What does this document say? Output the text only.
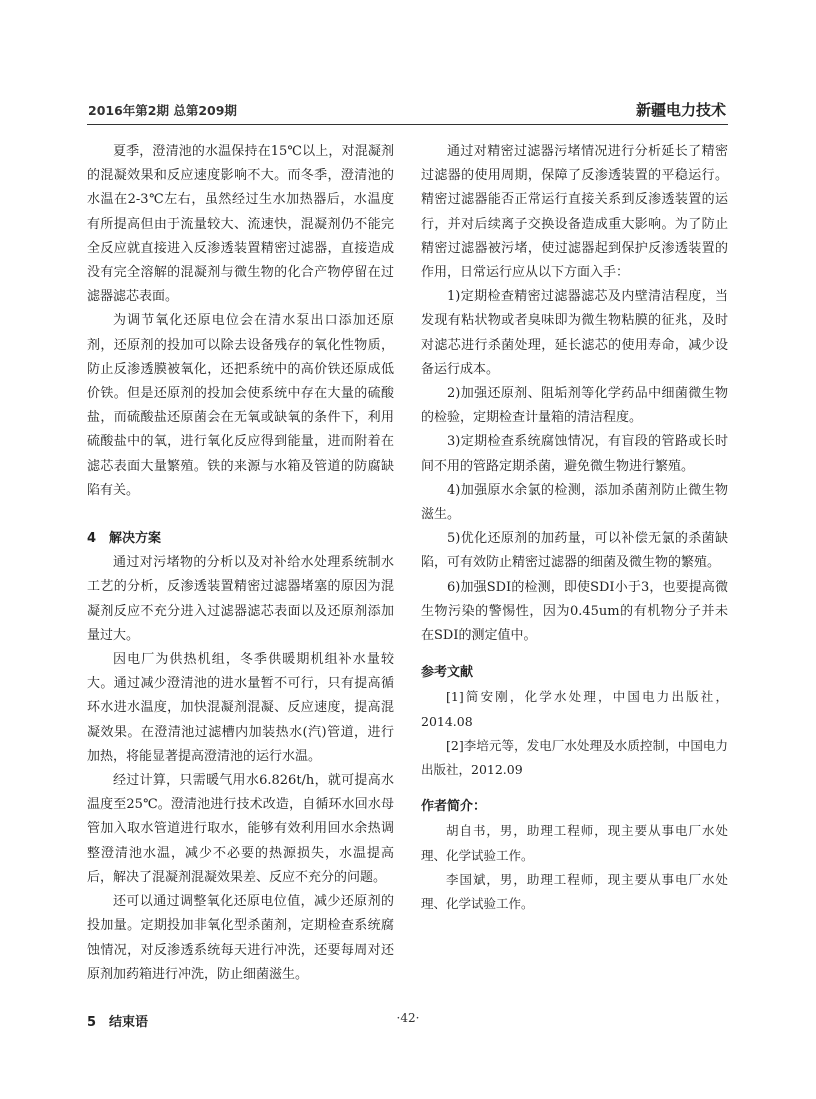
2016年第2期 总第209期	新疆电力技术

夏季，澄清池的水温保持在15℃以上，对混凝剂的混凝效果和反应速度影响不大。而冬季，澄清池的水温在2-3℃左右，虽然经过生水加热器后，水温度有所提高但由于流量较大、流速快，混凝剂仍不能完全反应就直接进入反渗透装置精密过滤器，直接造成没有完全溶解的混凝剂与微生物的化合产物停留在过滤器滤芯表面。

为调节氧化还原电位会在清水泵出口添加还原剂，还原剂的投加可以除去设备残存的氧化性物质，防止反渗透膜被氧化，还把系统中的高价铁还原成低价铁。但是还原剂的投加会使系统中存在大量的硫酸盐，而硫酸盐还原菌会在无氧或缺氧的条件下，利用硫酸盐中的氧，进行氧化反应得到能量，进而附着在滤芯表面大量繁殖。铁的来源与水箱及管道的防腐缺陷有关。

4　解决方案

通过对污堵物的分析以及对补给水处理系统制水工艺的分析，反渗透装置精密过滤器堵塞的原因为混凝剂反应不充分进入过滤器滤芯表面以及还原剂添加量过大。

因电厂为供热机组，冬季供暖期机组补水量较大。通过减少澄清池的进水量暂不可行，只有提高循环水进水温度，加快混凝剂混凝、反应速度，提高混凝效果。在澄清池过滤槽内加装热水(汽)管道，进行加热，将能显著提高澄清池的运行水温。

经过计算，只需暖气用水6.826t/h，就可提高水温度至25℃。澄清池进行技术改造，自循环水回水母管加入取水管道进行取水，能够有效利用回水余热调整澄清池水温，减少不必要的热源损失，水温提高后，解决了混凝剂混凝效果差、反应不充分的问题。

还可以通过调整氧化还原电位值，减少还原剂的投加量。定期投加非氧化型杀菌剂，定期检查系统腐蚀情况，对反渗透系统每天进行冲洗，还要每周对还原剂加药箱进行冲洗，防止细菌滋生。

5　结束语

通过对精密过滤器污堵情况进行分析延长了精密过滤器的使用周期，保障了反渗透装置的平稳运行。精密过滤器能否正常运行直接关系到反渗透装置的运行，并对后续离子交换设备造成重大影响。为了防止精密过滤器被污堵，使过滤器起到保护反渗透装置的作用，日常运行应从以下方面入手：

1)定期检查精密过滤器滤芯及内壁清洁程度，当发现有粘状物或者臭味即为微生物粘膜的征兆，及时对滤芯进行杀菌处理，延长滤芯的使用寿命，减少设备运行成本。

2)加强还原剂、阻垢剂等化学药品中细菌微生物的检验，定期检查计量箱的清洁程度。

3)定期检查系统腐蚀情况，有盲段的管路或长时间不用的管路定期杀菌，避免微生物进行繁殖。

4)加强原水余氯的检测，添加杀菌剂防止微生物滋生。

5)优化还原剂的加药量，可以补偿无氯的杀菌缺陷，可有效防止精密过滤器的细菌及微生物的繁殖。

6)加强SDI的检测，即使SDI小于3，也要提高微生物污染的警惕性，因为0.45um的有机物分子并未在SDI的测定值中。

参考文献

[1]简安刚，化学水处理，中国电力出版社，2014.08

[2]李培元等，发电厂水处理及水质控制，中国电力出版社，2012.09

作者简介：

胡自书，男，助理工程师，现主要从事电厂水处理、化学试验工作。

李国斌，男，助理工程师，现主要从事电厂水处理、化学试验工作。

·42·
